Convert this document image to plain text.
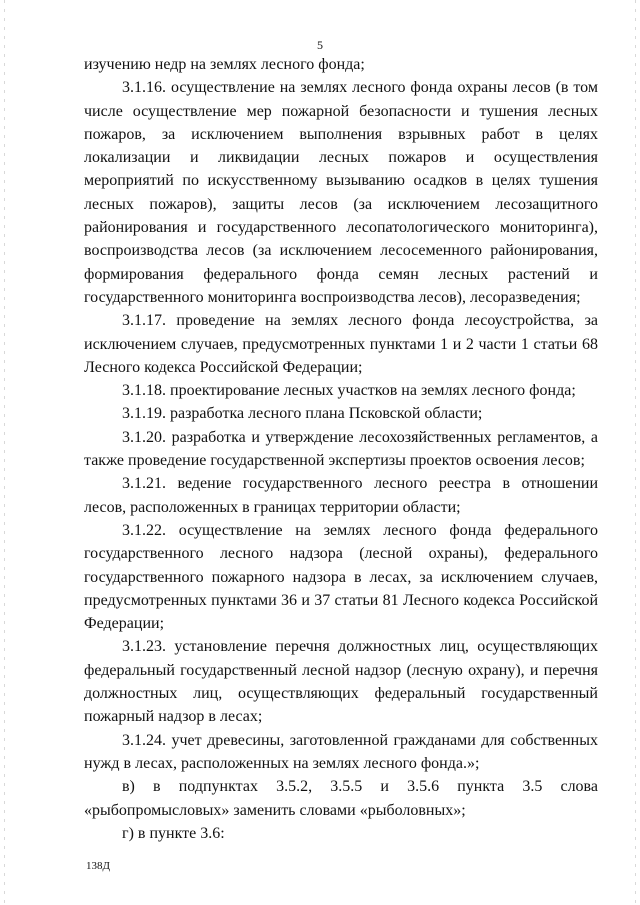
5

изучению недр на землях лесного фонда;

3.1.16. осуществление на землях лесного фонда охраны лесов (в том числе осуществление мер пожарной безопасности и тушения лесных пожаров, за исключением выполнения взрывных работ в целях локализации и ликвидации лесных пожаров и осуществления мероприятий по искусственному вызыванию осадков в целях тушения лесных пожаров), защиты лесов (за исключением лесозащитного районирования и государственного лесопатологического мониторинга), воспроизводства лесов (за исключением лесосеменного районирования, формирования федерального фонда семян лесных растений и государственного мониторинга воспроизводства лесов), лесоразведения;

3.1.17. проведение на землях лесного фонда лесоустройства, за исключением случаев, предусмотренных пунктами 1 и 2 части 1 статьи 68 Лесного кодекса Российской Федерации;

3.1.18. проектирование лесных участков на землях лесного фонда;

3.1.19. разработка лесного плана Псковской области;

3.1.20. разработка и утверждение лесохозяйственных регламентов, а также проведение государственной экспертизы проектов освоения лесов;

3.1.21. ведение государственного лесного реестра в отношении лесов, расположенных в границах территории области;

3.1.22. осуществление на землях лесного фонда федерального государственного лесного надзора (лесной охраны), федерального государственного пожарного надзора в лесах, за исключением случаев, предусмотренных пунктами 36 и 37 статьи 81 Лесного кодекса Российской Федерации;

3.1.23. установление перечня должностных лиц, осуществляющих федеральный государственный лесной надзор (лесную охрану), и перечня должностных лиц, осуществляющих федеральный государственный пожарный надзор в лесах;

3.1.24. учет древесины, заготовленной гражданами для собственных нужд в лесах, расположенных на землях лесного фонда.»;

в) в подпунктах 3.5.2, 3.5.5 и 3.5.6 пункта 3.5 слова «рыбопромысловых» заменить словами «рыболовных»;

г) в пункте 3.6:

138Д
